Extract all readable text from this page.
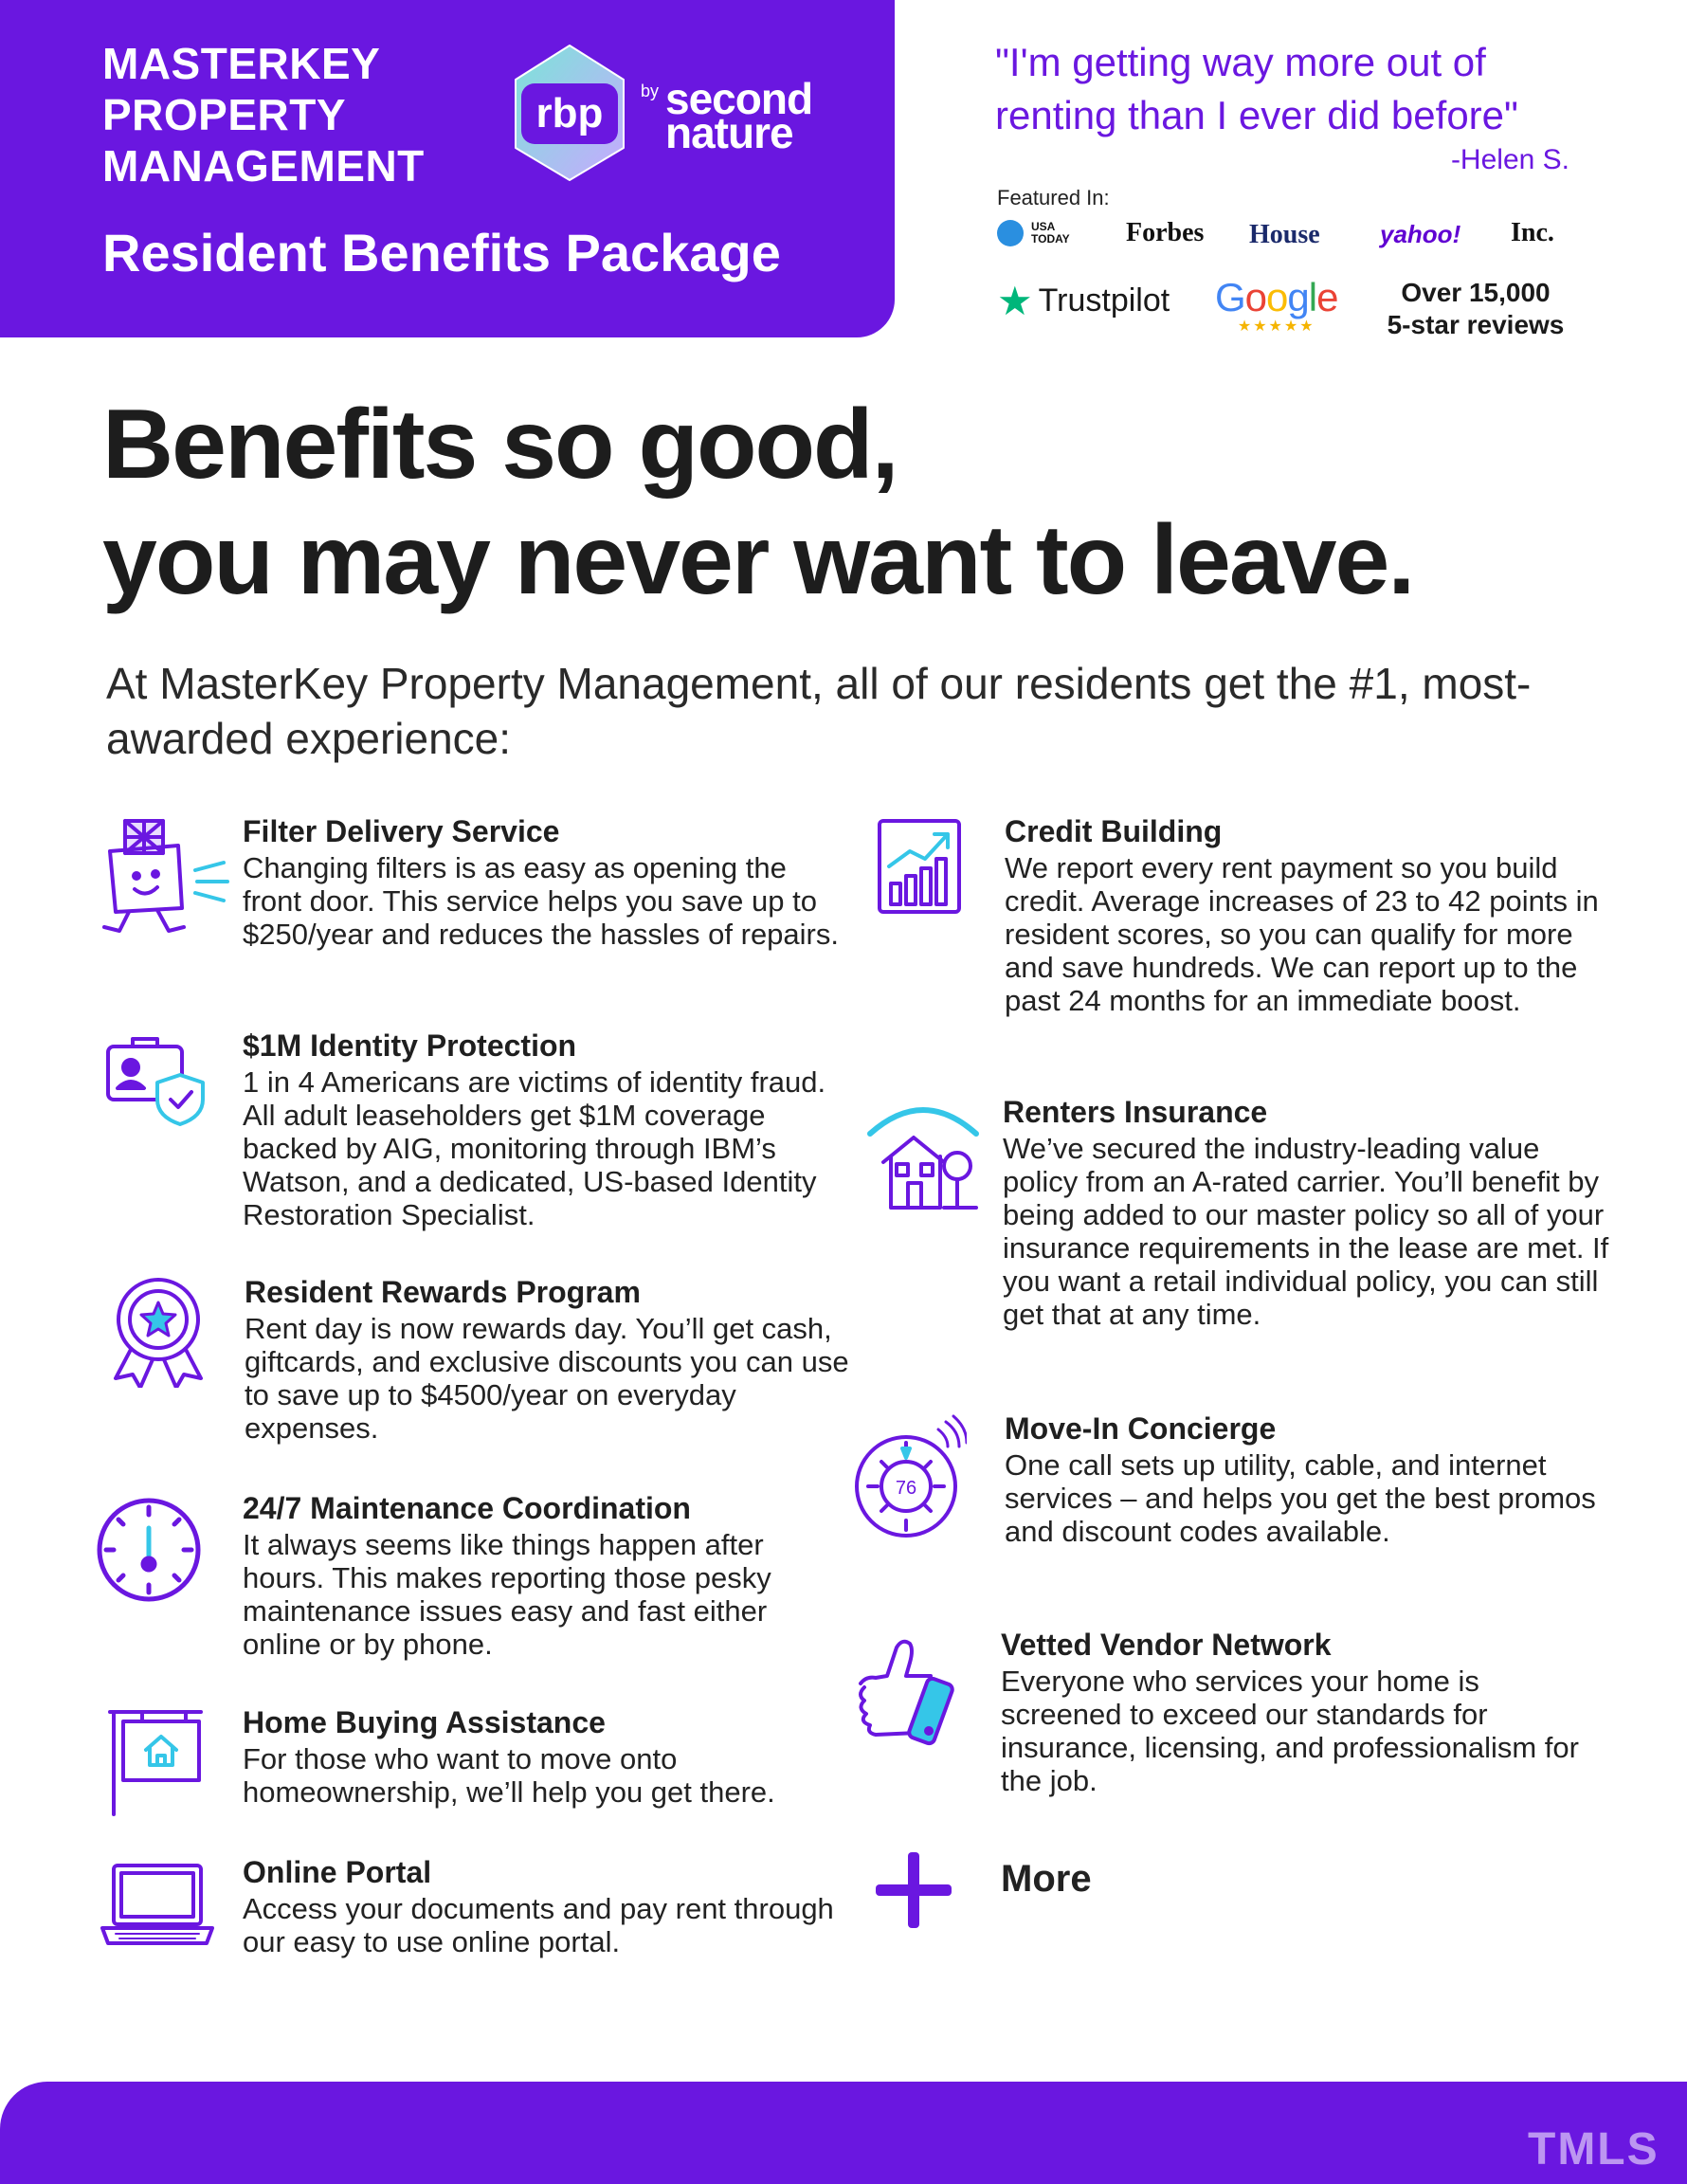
MASTERKEY
PROPERTY
MANAGEMENT
rbp by second
nature
Resident Benefits Package
"I'm getting way more out of
renting than I ever did before"
-Helen S.
Featured In:
USA
TODAY Forbes House yahoo! Inc.
★ Trustpilot Google
★★★★★
Over 15,000
5-star reviews
Benefits so good,
you may never want to leave.
At MasterKey Property Management, all of our residents get the #1, most-awarded experience:
Filter Delivery Service
Changing filters is as easy as opening the front door. This service helps you save up to $250/year and reduces the hassles of repairs.
$1M Identity Protection
1 in 4 Americans are victims of identity fraud. All adult leaseholders get $1M coverage backed by AIG, monitoring through IBM’s Watson, and a dedicated, US-based Identity Restoration Specialist.
Resident Rewards Program
Rent day is now rewards day. You’ll get cash, giftcards, and exclusive discounts you can use to save up to $4500/year on everyday expenses.
24/7 Maintenance Coordination
It always seems like things happen after hours. This makes reporting those pesky maintenance issues easy and fast either online or by phone.
Home Buying Assistance
For those who want to move onto homeownership, we’ll help you get there.
Online Portal
Access your documents and pay rent through our easy to use online portal.
Credit Building
We report every rent payment so you build credit. Average increases of 23 to 42 points in resident scores, so you can qualify for more and save hundreds. We can report up to the past 24 months for an immediate boost.
Renters Insurance
We’ve secured the industry-leading value policy from an A-rated carrier. You’ll benefit by being added to our master policy so all of your insurance requirements in the lease are met. If you want a retail individual policy, you can still get that at any time.
76
Move-In Concierge
One call sets up utility, cable, and internet services – and helps you get the best promos and discount codes available.
Vetted Vendor Network
Everyone who services your home is screened to exceed our standards for insurance, licensing, and professionalism for the job.
More
TMLS
